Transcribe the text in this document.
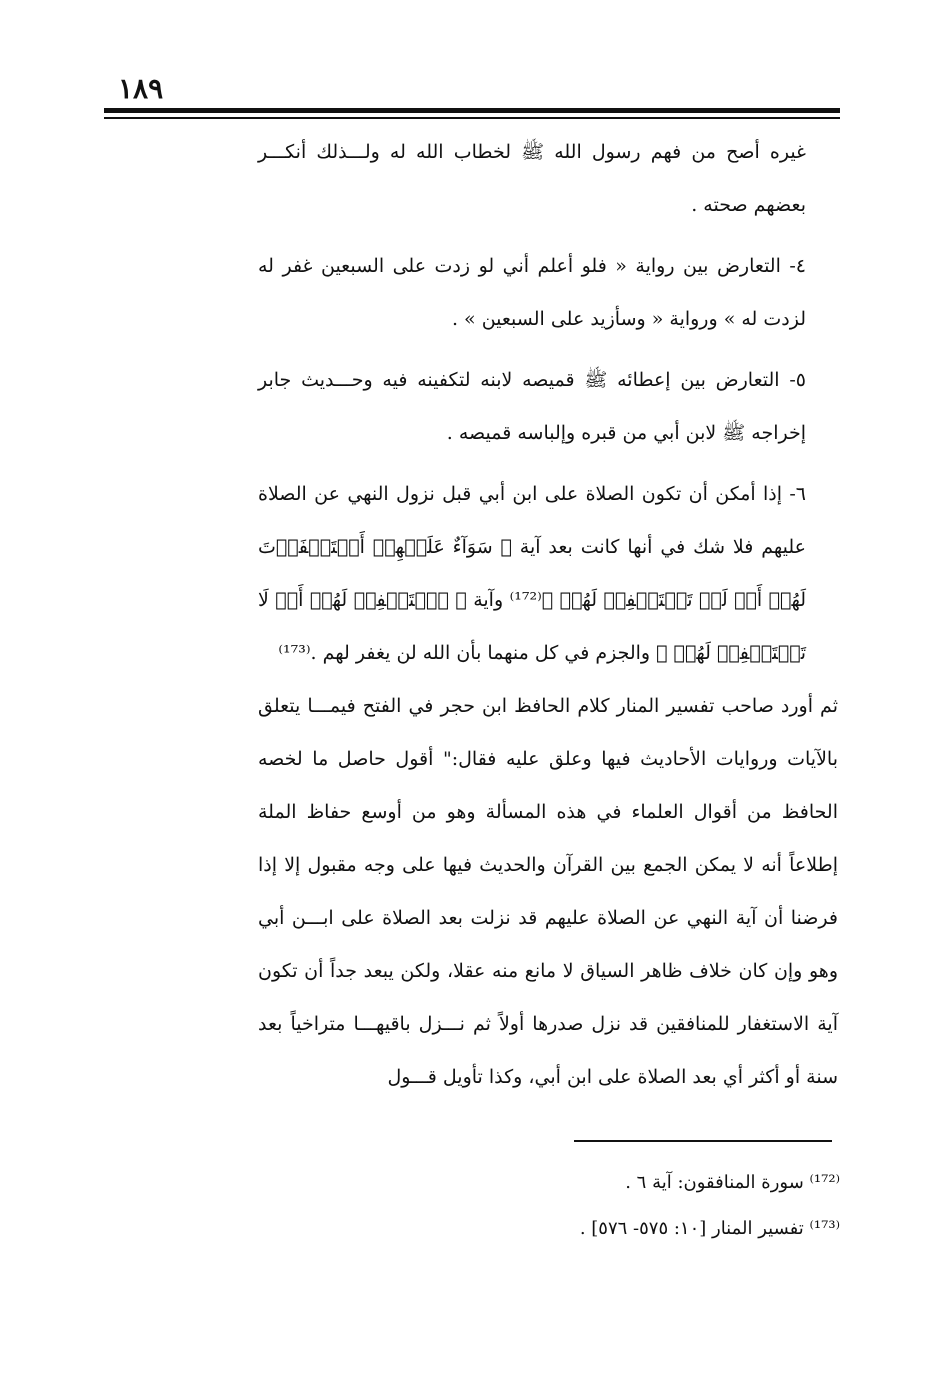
١٨٩

غيره أصح من فهم رسول الله ﷺ لخطاب الله له ولـــذلك أنكـــر بعضهم صحته .

٤- التعارض بين رواية « فلو أعلم أني لو زدت على السبعين غفر له لزدت له » ورواية « وسأزيد على السبعين » .

٥- التعارض بين إعطائه ﷺ قميصه لابنه لتكفينه فيه وحـــديث جابر إخراجه ﷺ لابن أبي من قبره وإلباسه قميصه .

٦- إذا أمكن أن تكون الصلاة على ابن أبي قبل نزول النهي عن الصلاة عليهم فلا شك في أنها كانت بعد آية ﴿ سَوَآءٌ عَلَيۡهِمۡ أَسۡتَغۡفَرۡتَ لَهُمۡ أَمۡ لَمۡ تَسۡتَغۡفِرۡ لَهُمۡ ﴾⁽¹⁷²⁾ وآية ﴿ ٱسۡتَغۡفِرۡ لَهُمۡ أَوۡ لَا تَسۡتَغۡفِرۡ لَهُمۡ ﴾ والجزم في كل منهما بأن الله لن يغفر لهم .⁽¹⁷³⁾

ثم أورد صاحب تفسير المنار كلام الحافظ ابن حجر في الفتح فيمـــا يتعلق بالآيات وروايات الأحاديث فيها وعلق عليه فقال:" أقول حاصل ما لخصه الحافظ من أقوال العلماء في هذه المسألة وهو من أوسع حفاظ الملة إطلاعاً أنه لا يمكن الجمع بين القرآن والحديث فيها على وجه مقبول إلا إذا فرضنا أن آية النهي عن الصلاة عليهم قد نزلت بعد الصلاة على ابـــن أبي وهو وإن كان خلاف ظاهر السياق لا مانع منه عقلا، ولكن يبعد جداً أن تكون آية الاستغفار للمنافقين قد نزل صدرها أولاً ثم نـــزل باقيهـــا متراخياً بعد سنة أو أكثر أي بعد الصلاة على ابن أبي، وكذا تأويل قـــول

⁽¹⁷²⁾ سورة المنافقون: آية ٦ .

⁽¹⁷³⁾ تفسير المنار [١٠: ٥٧٥- ٥٧٦] .
